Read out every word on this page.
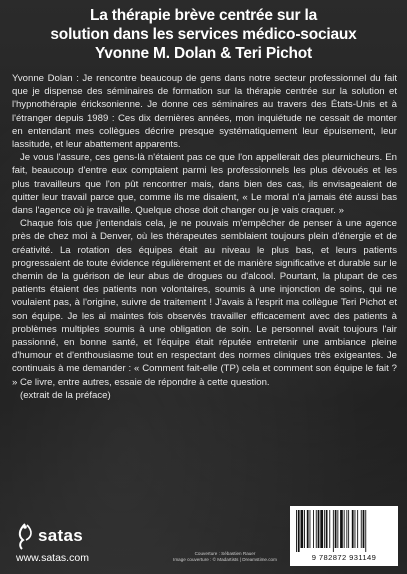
La thérapie brève centrée sur la
solution dans les services médico-sociaux
Yvonne M. Dolan & Teri Pichot

Yvonne Dolan : Je rencontre beaucoup de gens dans notre secteur professionnel du fait que je dispense des séminaires de formation sur la thérapie centrée sur la solution et l'hypnothérapie éricksonienne. Je donne ces séminaires au travers des États-Unis et à l'étranger depuis 1989 : Ces dix dernières années, mon inquiétude ne cessait de monter en entendant mes collègues décrire presque systématiquement leur épuisement, leur lassitude, et leur abattement apparents.

Je vous l'assure, ces gens-là n'étaient pas ce que l'on appellerait des pleurnicheurs. En fait, beaucoup d'entre eux comptaient parmi les professionnels les plus dévoués et les plus travailleurs que l'on pût rencontrer mais, dans bien des cas, ils envisageaient de quitter leur travail parce que, comme ils me disaient, « Le moral n'a jamais été aussi bas dans l'agence où je travaille. Quelque chose doit changer ou je vais craquer. »

Chaque fois que j'entendais cela, je ne pouvais m'empêcher de penser à une agence près de chez moi à Denver, où les thérapeutes semblaient toujours plein d'énergie et de créativité. La rotation des équipes était au niveau le plus bas, et leurs patients progressaient de toute évidence régulièrement et de manière significative et durable sur le chemin de la guérison de leur abus de drogues ou d'alcool. Pourtant, la plupart de ces patients étaient des patients non volontaires, soumis à une injonction de soins, qui ne voulaient pas, à l'origine, suivre de traitement ! J'avais à l'esprit ma collègue Teri Pichot et son équipe. Je les ai maintes fois observés travailler efficacement avec des patients à problèmes multiples soumis à une obligation de soin. Le personnel avait toujours l'air passionné, en bonne santé, et l'équipe était réputée entretenir une ambiance pleine d'humour et d'enthousiasme tout en respectant des normes cliniques très exigeantes. Je continuais à me demander : « Comment fait-elle (TP) cela et comment son équipe le fait ? » Ce livre, entre autres, essaie de répondre à cette question.

(extrait de la préface)

satas
www.satas.com	Couverture : Sébastien Rauer
Image couverture : © Madartists | Dreamstime.com	9 782872 931149
